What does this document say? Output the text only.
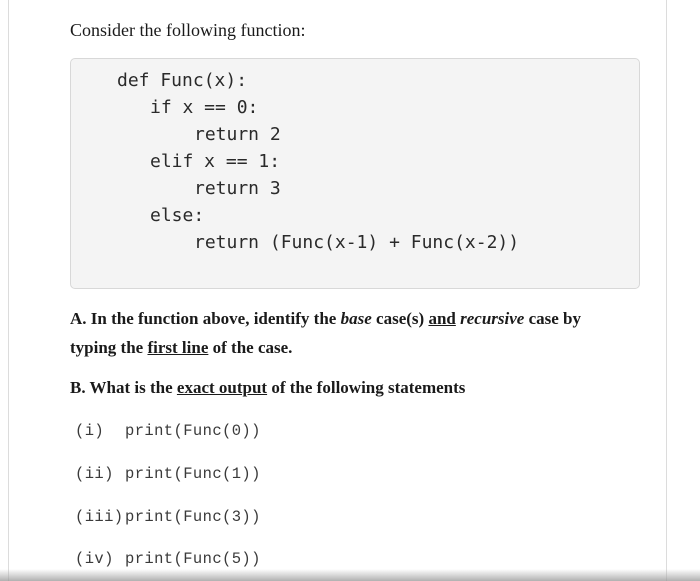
Consider the following function:
def Func(x):
if x == 0:
return 2
elif x == 1:
return 3
else:
return (Func(x-1) + Func(x-2))
A. In the function above, identify the base case(s) and recursive case by
typing the first line of the case.
B. What is the exact output of the following statements
(i) print(Func(0))
(ii) print(Func(1))
(iii)print(Func(3))
(iv) print(Func(5))
